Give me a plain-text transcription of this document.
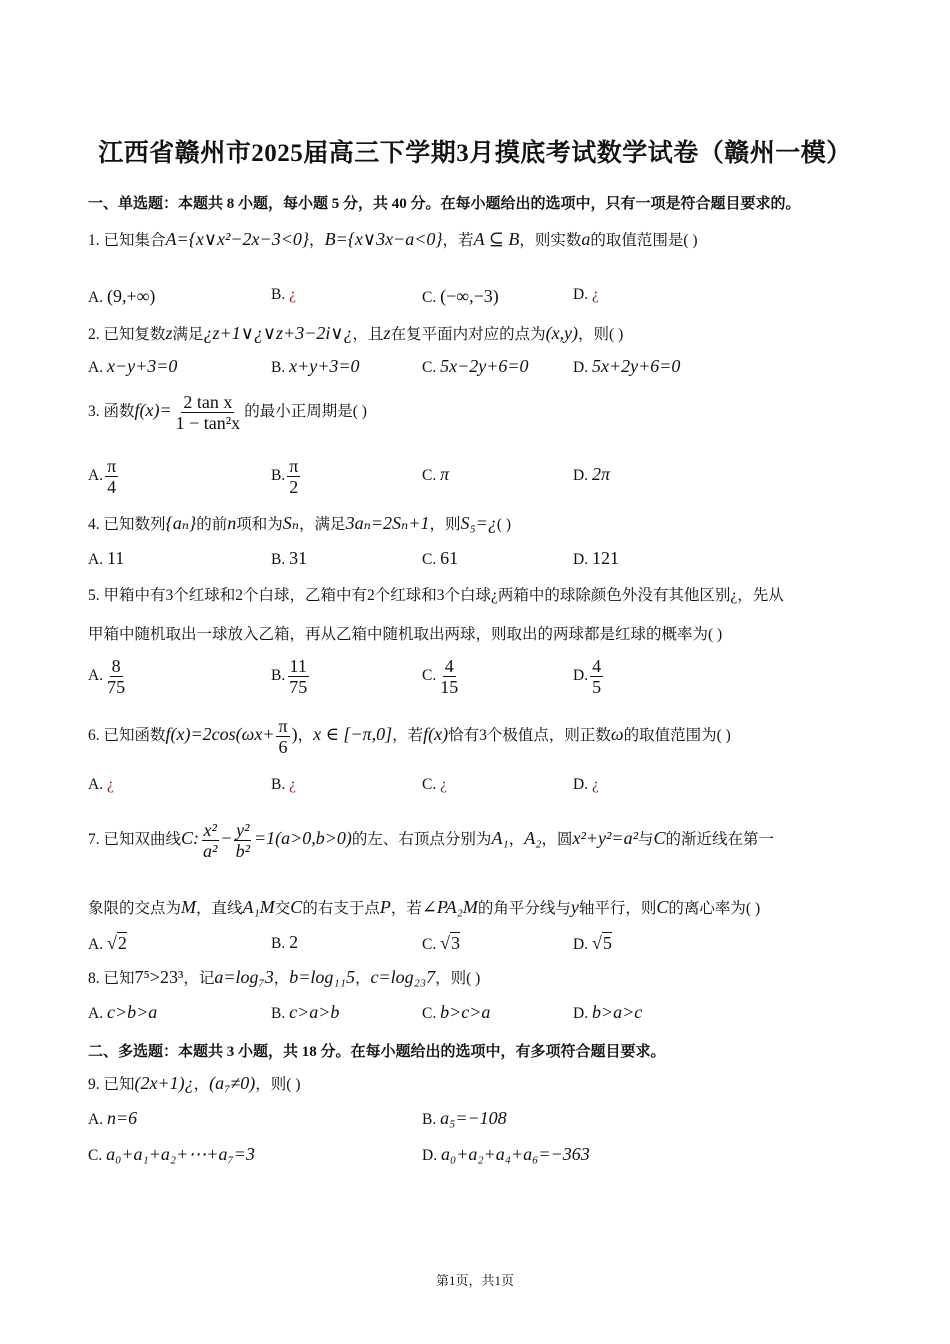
江西省赣州市2025届高三下学期3月摸底考试数学试卷（赣州一模）
一、单选题：本题共 8 小题，每小题 5 分，共 40 分。在每小题给出的选项中，只有一项是符合题目要求的。
1. 已知集合A={x∨x²−2x−3<0}，B={x∨3x−a<0}，若A ⊆ B，则实数a的取值范围是( )
A. (9,+∞)	B. ¿	C. (−∞,−3)	D. ¿
2. 已知复数z满足¿z+1∨¿∨z+3−2i∨¿，且z在复平面内对应的点为(x,y)，则( )
A. x−y+3=0	B. x+y+3=0	C. 5x−2y+6=0	D. 5x+2y+6=0
3. 函数$f(x)= \frac{\text{2 tan x}}{\text{1 − tan²x}}$ 的最小正周期是( )
A. $\frac{\pi}{4}$	B. $\frac{\pi}{2}$	C. π	D. 2π
4. 已知数列{aₙ}的前n项和为Sₙ，满足3aₙ=2Sₙ+1，则S₅=¿( )
A. 11	B. 31	C. 61	D. 121
5. 甲箱中有3个红球和2个白球，乙箱中有2个红球和3个白球¿两箱中的球除颜色外没有其他区别¿，先从
甲箱中随机取出一球放入乙箱，再从乙箱中随机取出两球，则取出的两球都是红球的概率为( )
A. $\frac{8}{75}$	B. $\frac{11}{75}$	C. $\frac{4}{15}$	D. $\frac{4}{5}$
6. 已知函数$f(x)=2\cos(\omega x+ \frac{\pi}{6}$ )，x ∈ [−π,0]，若f(x)恰有3个极值点，则正数ω的取值范围为( )
A. ¿	B. ¿	C. ¿	D. ¿
7. 已知双曲线C: $\frac{\text{x²}}{\text{a²}} - \frac{\text{y²}}{\text{b²}} =1(a>0,b>0)$的左、右顶点分别为A₁，A₂，圆x²+y²=a²与C的渐近线在第一
象限的交点为M，直线A₁M交C的右支于点P，若∠PA₂M的角平分线与y轴平行，则C的离心率为( )
A. √2	B. 2	C. √3	D. √5
8. 已知7⁵>23³，记a=log₇3，b=log₁₁5，c=log₂₃7，则( )
A. c>b>a	B. c>a>b	C. b>c>a	D. b>a>c
二、多选题：本题共 3 小题，共 18 分。在每小题给出的选项中，有多项符合题目要求。
9. 已知(2x+1)¿，(a₇≠0)，则( )
A. n=6	B. a₅=−108
C. a₀+a₁+a₂+⋯+a₇=3	D. a₀+a₂+a₄+a₆=−363
第1页，共1页
